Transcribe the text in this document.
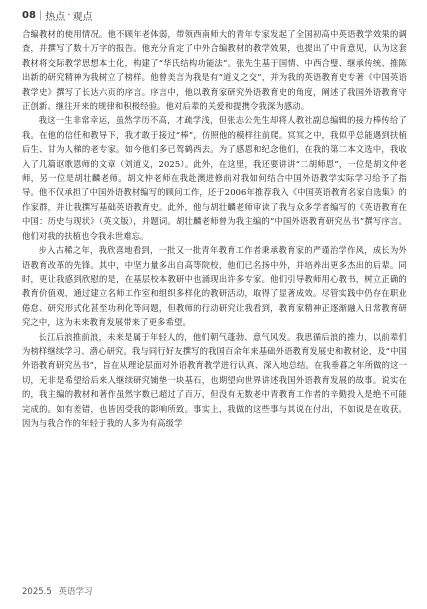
08 | 热点 · 观点

合编教材的使用情况。他不顾年老体弱，带领西南师大的青年专家发起了全国初高中英语教学效果的调查，并撰写了数十万字的报告。他充分肯定了中外合编教材的教学效果，也提出了中肯意见，认为这套教材将交际教学思想本土化，构建了“华氏结构功能法”。张先生基于国情、中西合璧、继承传统、推陈出新的研究精神为我树立了榜样。他曾美言为我是有“道义之交”，并为我的英语教育史专著《中国英语教学史》撰写了长达六页的序言。序言中，他以教育家研究外语教育史的角度，阐述了我国外语教育守正创新、继往开来的规律和积极经验。他对后辈的关爱和提携令我深为感动。

我这一生非常幸运，虽然学历不高，才疏学浅，但张志公先生却将人教社副总编辑的接力棒传给了我。在他的信任和教导下，我才敢于接过“棒”，仿照他的模样往前爬。冥冥之中，我似乎总能遇到扶植后生、甘为人梯的老专家。如今他们多已驾鹤西去。为了感恩和纪念他们，在我的第二本文选中，我收入了几篇讴歌恩师的文章（刘道义，2025）。此外，在这里，我还要讲讲“二胡师恩”，一位是胡文仲老师，另一位是胡壮麟老师。胡文仲老师在我赴澳进修前对我如何结合中国外语教学实际学习给予了指导。他不仅承担了中国外语教材编写的顾问工作，还于2006年推荐我入《中国英语教育名家自选集》的作家群，并让我撰写基础英语教育史。此外，他与胡壮麟老师审读了我与众多学者编写的《英语教育在中国：历史与现状》（英文版），并题词。胡壮麟老师曾为我主编的“中国外语教育研究丛书”撰写序言。他们对我的扶植也令我永世难忘。

步入古稀之年，我欣喜地看到，一批又一批青年教育工作者秉承教育家的严谨治学作风，成长为外语教育改革的先锋。其中，中坚力量多出自高等院校，他们已名扬中外，并培养出更多杰出的后辈。同时，更让我感到欣慰的是，在基层校本教研中也涌现出许多专家。他们引导教师用心教书，树立正确的教育价值观，通过建立名师工作室和组织多样化的教研活动，取得了显著成效。尽管实践中仍存在职业倦怠、研究形式化甚至功利化等问题，但教师的行动研究让我看到，教育家精神正逐渐融入日常教育研究之中，这为未来教育发展带来了更多希望。

长江后浪推前浪，未来是属于年轻人的，他们朝气蓬勃、意气风发。我思循后浪的推力，以前辈们为榜样继续学习、潜心研究。我与同行好友撰写的我国百余年来基础外语教育发展史和教材论，及“中国外语教育研究丛书”，旨在从理论层面对外语教育教学进行认真、深入地总结。在我垂暮之年所做的这一切，无非是希望给后来人继续研究铺垫一块基石，也期望向世界讲述我国外语教育发展的故事。说实在的，我主编的教材和著作虽然字数已超过了百万，但没有无数老中青教育工作者的辛勤投入是绝不可能完成的。如有差错，也皆因受我的影响所致。事实上，我做的这些事与其说在付出，不如说是在收获。因为与我合作的年轻于我的人多为有高级学

2025.5 英语学习
